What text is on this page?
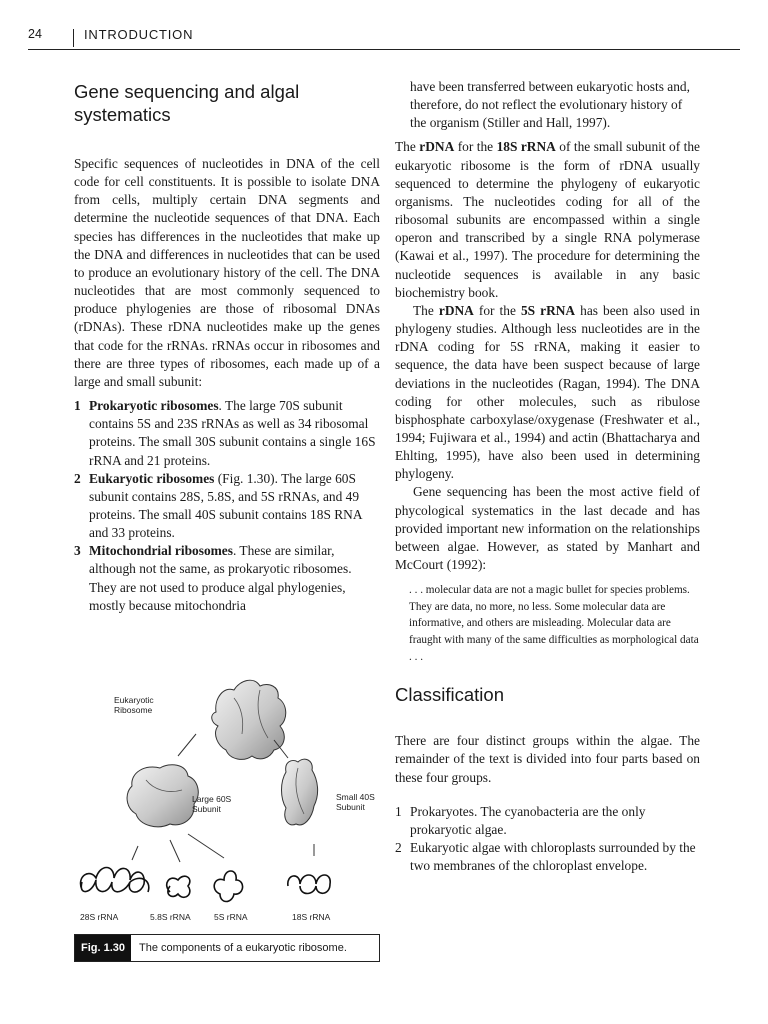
24	INTRODUCTION
Gene sequencing and algal systematics

Specific sequences of nucleotides in DNA of the cell code for cell constituents. It is possible to isolate DNA from cells, multiply certain DNA segments and determine the nucleotide sequences of that DNA. Each species has differences in the nucleotides that make up the DNA and differences in nucleotides that can be used to produce an evolutionary history of the cell. The DNA nucleotides that are most commonly sequenced to produce phylogenies are those of ribosomal DNAs (rDNAs). These rDNA nucleotides make up the genes that code for the rRNAs. rRNAs occur in ribosomes and there are three types of ribosomes, each made up of a large and small subunit:

1 Prokaryotic ribosomes. The large 70S subunit contains 5S and 23S rRNAs as well as 34 ribosomal proteins. The small 30S subunit contains a single 16S rRNA and 21 proteins.
2 Eukaryotic ribosomes (Fig. 1.30). The large 60S subunit contains 28S, 5.8S, and 5S rRNAs, and 49 proteins. The small 40S subunit contains 18S RNA and 33 proteins.
3 Mitochondrial ribosomes. These are similar, although not the same, as prokaryotic ribosomes. They are not used to produce algal phylogenies, mostly because mitochondria
Eukaryotic
Ribosome
Large 60S
Subunit
Small 40S
Subunit
28S rRNA	5.8S rRNA	5S rRNA	18S rRNA
Fig. 1.30	The components of a eukaryotic ribosome.

have been transferred between eukaryotic hosts and, therefore, do not reflect the evolutionary history of the organism (Stiller and Hall, 1997).

The rDNA for the 18S rRNA of the small subunit of the eukaryotic ribosome is the form of rDNA usually sequenced to determine the phylogeny of eukaryotic organisms. The nucleotides coding for all of the ribosomal subunits are encompassed within a single operon and transcribed by a single RNA polymerase (Kawai et al., 1997). The procedure for determining the nucleotide sequences is available in any basic biochemistry book.

The rDNA for the 5S rRNA has been also used in phylogeny studies. Although less nucleotides are in the rDNA coding for 5S rRNA, making it easier to sequence, the data have been suspect because of large deviations in the nucleotides (Ragan, 1994). The DNA coding for other molecules, such as ribulose bisphosphate carboxylase/oxygenase (Freshwater et al., 1994; Fujiwara et al., 1994) and actin (Bhattacharya and Ehlting, 1995), have also been used in determining phylogeny.

Gene sequencing has been the most active field of phycological systematics in the last decade and has provided important new information on the relationships between algae. However, as stated by Manhart and McCourt (1992):

. . . molecular data are not a magic bullet for species problems. They are data, no more, no less. Some molecular data are informative, and others are misleading. Molecular data are fraught with many of the same difficulties as morphological data . . .

Classification

There are four distinct groups within the algae. The remainder of the text is divided into four parts based on these four groups.

1 Prokaryotes. The cyanobacteria are the only prokaryotic algae.
2 Eukaryotic algae with chloroplasts surrounded by the two membranes of the chloroplast envelope.
